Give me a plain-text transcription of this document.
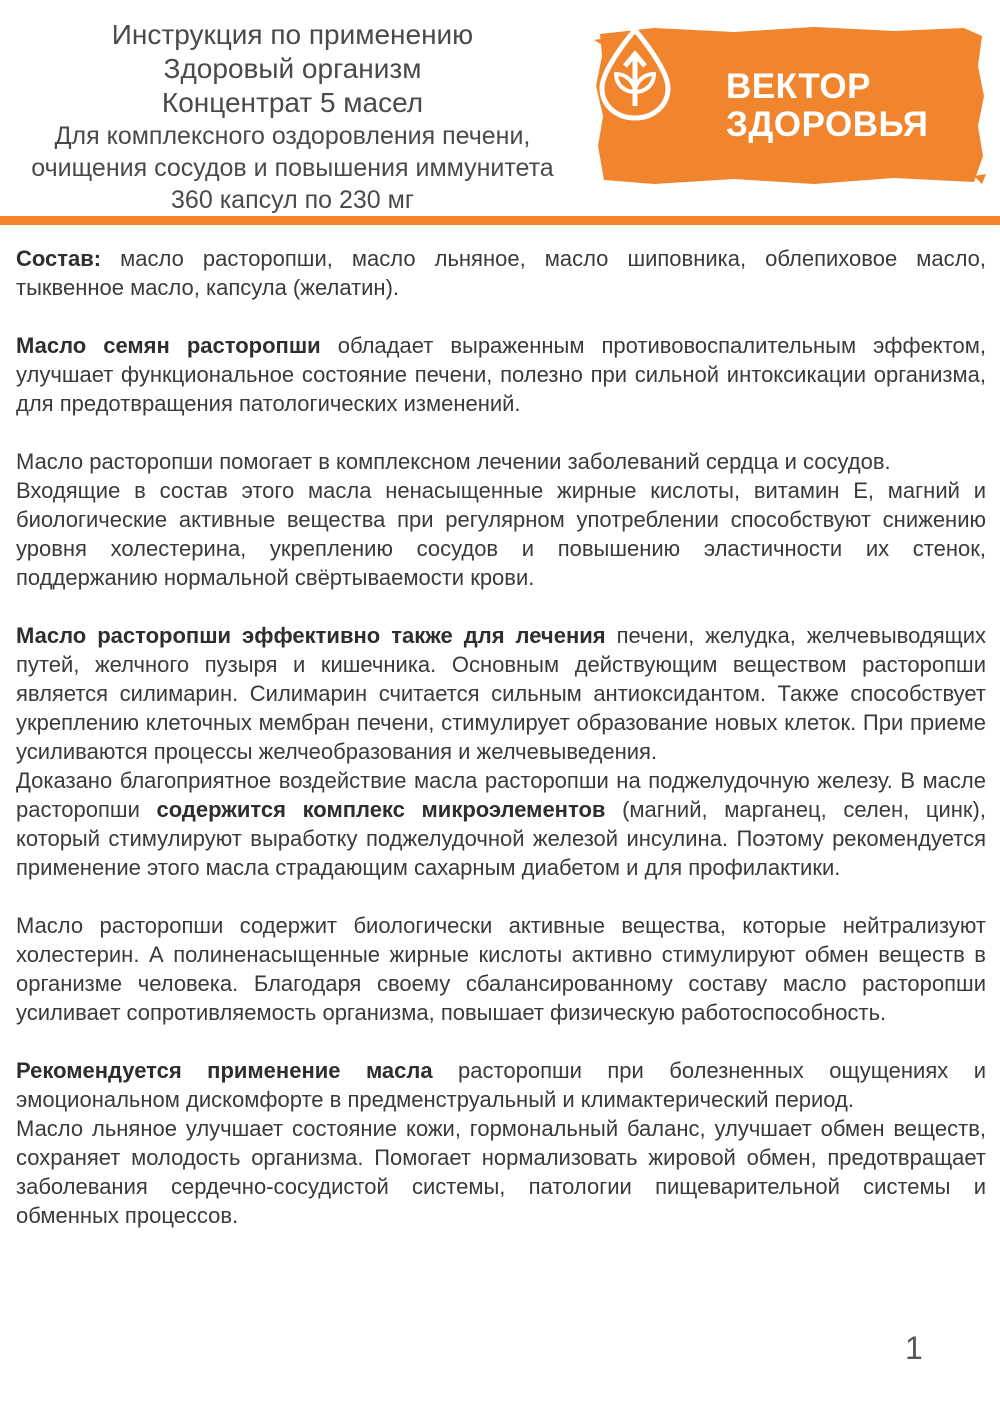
Инструкция по применению
Здоровый организм
Концентрат 5 масел
Для комплексного оздоровления печени,
очищения сосудов и повышения иммунитета
360 капсул по 230 мг
ВЕКТОР
ЗДОРОВЬЯ

Состав: масло расторопши, масло льняное, масло шиповника, облепиховое масло, тыквенное масло, капсула (желатин).

Масло семян расторопши обладает выраженным противовоспалительным эффектом, улучшает функциональное состояние печени, полезно при сильной интоксикации организма, для предотвращения патологических изменений.

Масло расторопши помогает в комплексном лечении заболеваний сердца и сосудов.

Входящие в состав этого масла ненасыщенные жирные кислоты, витамин Е, магний и биологические активные вещества при регулярном употреблении способствуют снижению уровня холестерина, укреплению сосудов и повышению эластичности их стенок, поддержанию нормальной свёртываемости крови.

Масло расторопши эффективно также для лечения печени, желудка, желчевыводящих путей, желчного пузыря и кишечника. Основным действующим веществом расторопши является силимарин. Силимарин считается сильным антиоксидантом. Также способствует укреплению клеточных мембран печени, стимулирует образование новых клеток. При приеме усиливаются процессы желчеобразования и желчевыведения.

Доказано благоприятное воздействие масла расторопши на поджелудочную железу. В масле расторопши содержится комплекс микроэлементов (магний, марганец, селен, цинк), который стимулируют выработку поджелудочной железой инсулина. Поэтому рекомендуется применение этого масла страдающим сахарным диабетом и для профилактики.

Масло расторопши содержит биологически активные вещества, которые нейтрализуют холестерин. А полиненасыщенные жирные кислоты активно стимулируют обмен веществ в организме человека. Благодаря своему сбалансированному составу масло расторопши усиливает сопротивляемость организма, повышает физическую работоспособность.

Рекомендуется применение масла расторопши при болезненных ощущениях и эмоциональном дискомфорте в предменструальный и климактерический период.

Масло льняное улучшает состояние кожи, гормональный баланс, улучшает обмен веществ, сохраняет молодость организма. Помогает нормализовать жировой обмен, предотвращает заболевания сердечно-сосудистой системы, патологии пищеварительной системы и обменных процессов.

1
